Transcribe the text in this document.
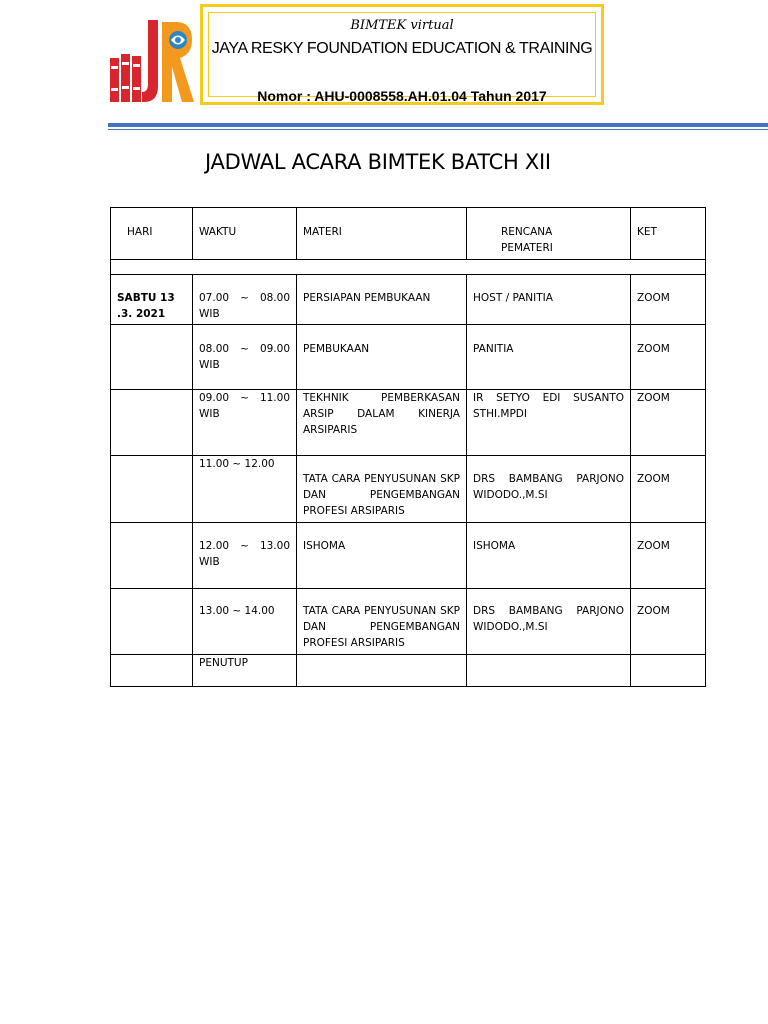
BIMTEK virtual
JAYA RESKY FOUNDATION EDUCATION & TRAINING
Nomor : AHU-0008558.AH.01.04 Tahun 2017
JADWAL ACARA BIMTEK BATCH XII
HARI	WAKTU	MATERI	RENCANA PEMATERI	KET

SABTU 13 .3. 2021	07.00 ~ 08.00 WIB	PERSIAPAN PEMBUKAAN	HOST / PANITIA	ZOOM
	08.00 ~ 09.00 WIB	PEMBUKAAN	PANITIA	ZOOM
	09.00 ~ 11.00 WIB	TEKHNIK PEMBERKASAN ARSIP DALAM KINERJA ARSIPARIS	IR SETYO EDI SUSANTO STHI.MPDI	ZOOM
	11.00 ~ 12.00	TATA CARA PENYUSUNAN SKP DAN PENGEMBANGAN PROFESI ARSIPARIS	DRS BAMBANG PARJONO WIDODO.,M.SI	ZOOM
	12.00 ~ 13.00 WIB	ISHOMA	ISHOMA	ZOOM
	13.00 ~ 14.00	TATA CARA PENYUSUNAN SKP DAN PENGEMBANGAN PROFESI ARSIPARIS	DRS BAMBANG PARJONO WIDODO.,M.SI	ZOOM
	PENUTUP			
